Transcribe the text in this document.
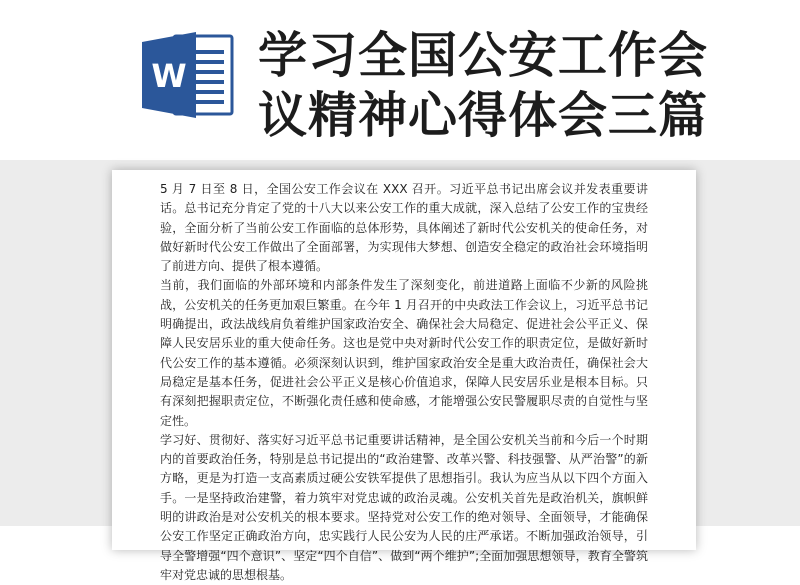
W 学习全国公安工作会
议精神心得体会三篇

5 月 7 日至 8 日，全国公安工作会议在 XXX 召开。习近平总书记出席会议并发表重要讲话。总书记充分肯定了党的十八大以来公安工作的重大成就，深入总结了公安工作的宝贵经验，全面分析了当前公安工作面临的总体形势，具体阐述了新时代公安机关的使命任务，对做好新时代公安工作做出了全面部署，为实现伟大梦想、创造安全稳定的政治社会环境指明了前进方向、提供了根本遵循。

当前，我们面临的外部环境和内部条件发生了深刻变化，前进道路上面临不少新的风险挑战，公安机关的任务更加艰巨繁重。在今年 1 月召开的中央政法工作会议上，习近平总书记明确提出，政法战线肩负着维护国家政治安全、确保社会大局稳定、促进社会公平正义、保障人民安居乐业的重大使命任务。这也是党中央对新时代公安工作的职责定位，是做好新时代公安工作的基本遵循。必须深刻认识到，维护国家政治安全是重大政治责任，确保社会大局稳定是基本任务，促进社会公平正义是核心价值追求，保障人民安居乐业是根本目标。只有深刻把握职责定位，不断强化责任感和使命感，才能增强公安民警履职尽责的自觉性与坚定性。

学习好、贯彻好、落实好习近平总书记重要讲话精神，是全国公安机关当前和今后一个时期内的首要政治任务，特别是总书记提出的“政治建警、改革兴警、科技强警、从严治警”的新方略，更是为打造一支高素质过硬公安铁军提供了思想指引。我认为应当从以下四个方面入手。一是坚持政治建警，着力筑牢对党忠诚的政治灵魂。公安机关首先是政治机关，旗帜鲜明的讲政治是对公安机关的根本要求。坚持党对公安工作的绝对领导、全面领导，才能确保公安工作坚定正确政治方向，忠实践行人民公安为人民的庄严承诺。不断加强政治领导，引导全警增强“四个意识”、坚定“四个自信”、做到“两个维护”;全面加强思想领导，教育全警筑牢对党忠诚的思想根基。
